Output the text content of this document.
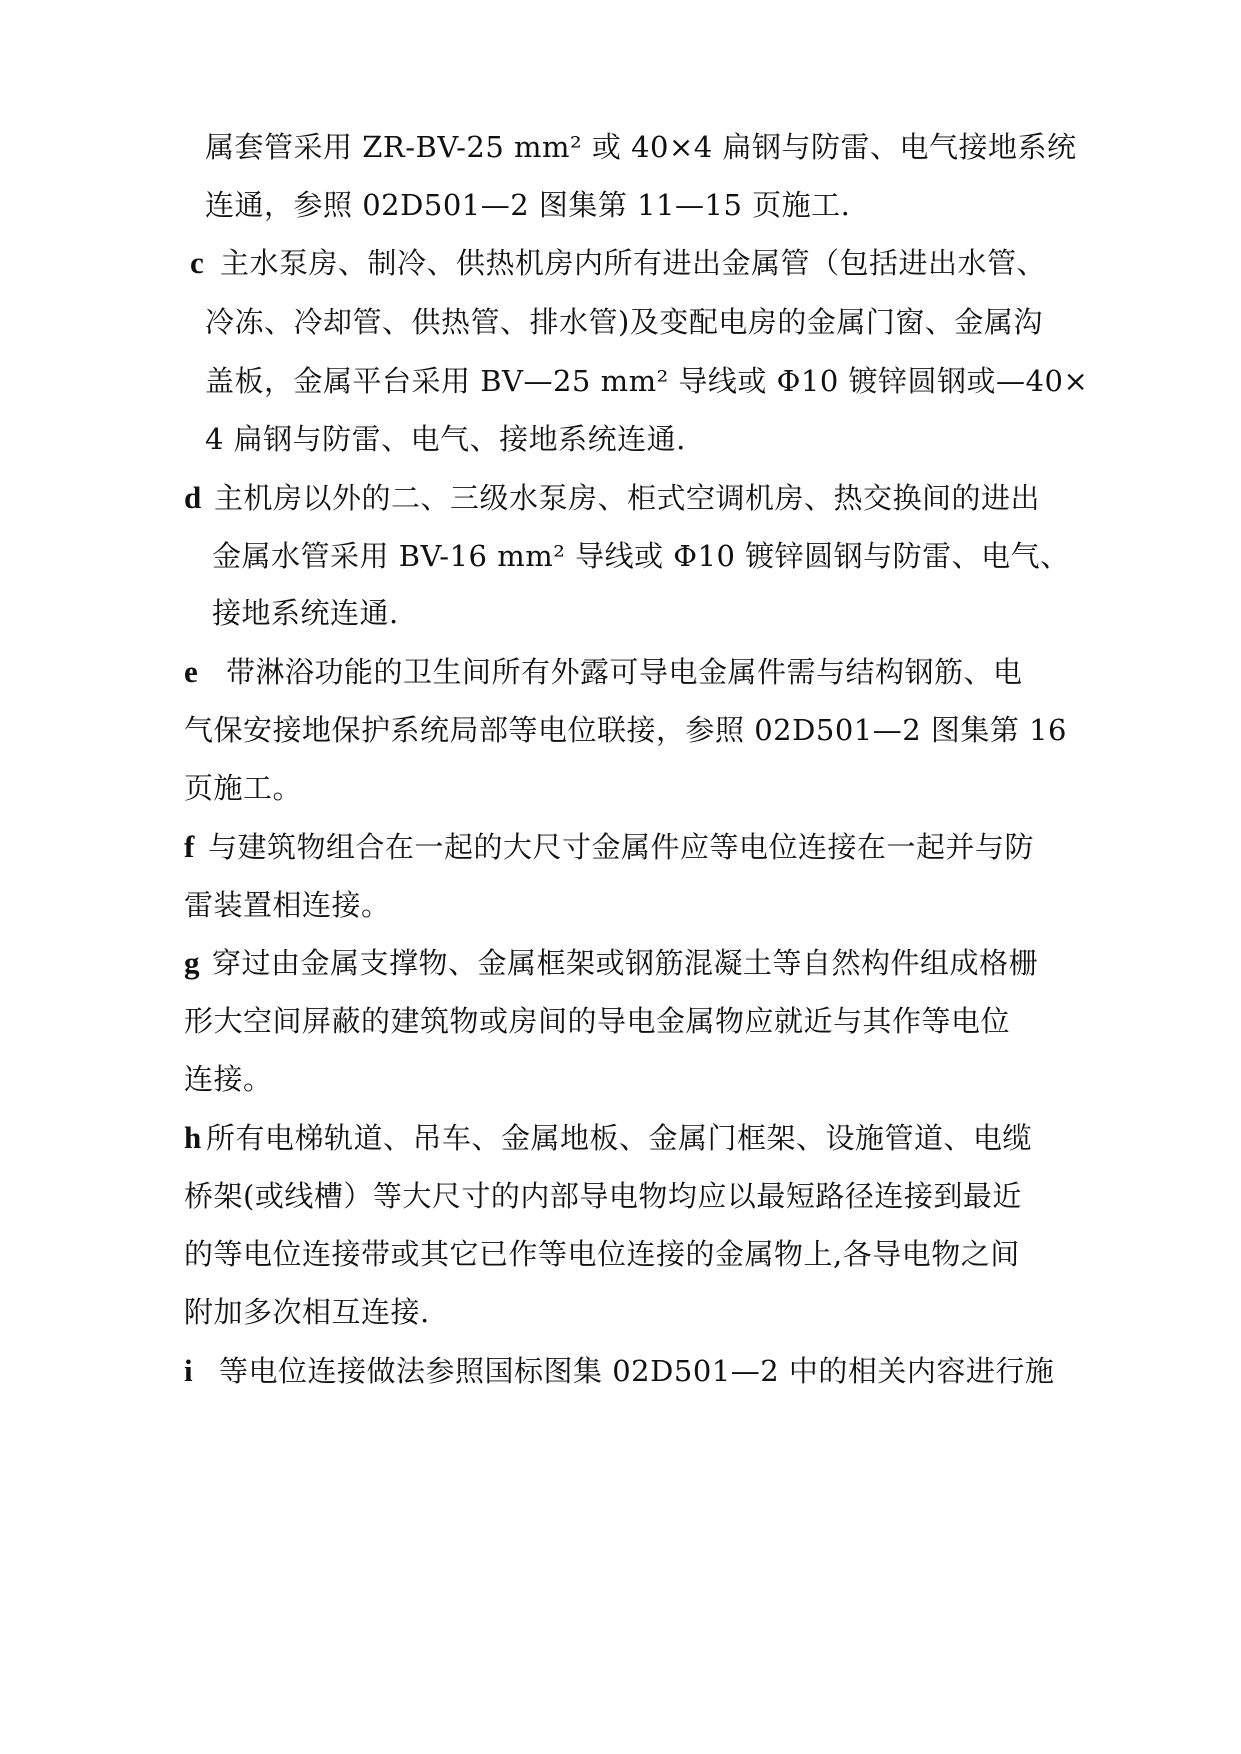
属套管采用 ZR-BV-25 mm² 或 40×4 扁钢与防雷、电气接地系统
连通，参照 02D501—2 图集第 11—15 页施工.
c 主水泵房、制冷、供热机房内所有进出金属管（包括进出水管、
冷冻、冷却管、供热管、排水管)及变配电房的金属门窗、金属沟
盖板，金属平台采用 BV—25 mm² 导线或 Φ10 镀锌圆钢或—40×
4 扁钢与防雷、电气、接地系统连通.
d 主机房以外的二、三级水泵房、柜式空调机房、热交换间的进出
金属水管采用 BV-16 mm² 导线或 Φ10 镀锌圆钢与防雷、电气、
接地系统连通.
e 带淋浴功能的卫生间所有外露可导电金属件需与结构钢筋、电
气保安接地保护系统局部等电位联接，参照 02D501—2 图集第 16
页施工。
f 与建筑物组合在一起的大尺寸金属件应等电位连接在一起并与防
雷装置相连接。
g 穿过由金属支撑物、金属框架或钢筋混凝土等自然构件组成格栅
形大空间屏蔽的建筑物或房间的导电金属物应就近与其作等电位
连接。
h 所有电梯轨道、吊车、金属地板、金属门框架、设施管道、电缆
桥架(或线槽）等大尺寸的内部导电物均应以最短路径连接到最近
的等电位连接带或其它已作等电位连接的金属物上,各导电物之间
附加多次相互连接.
i 等电位连接做法参照国标图集 02D501—2 中的相关内容进行施
